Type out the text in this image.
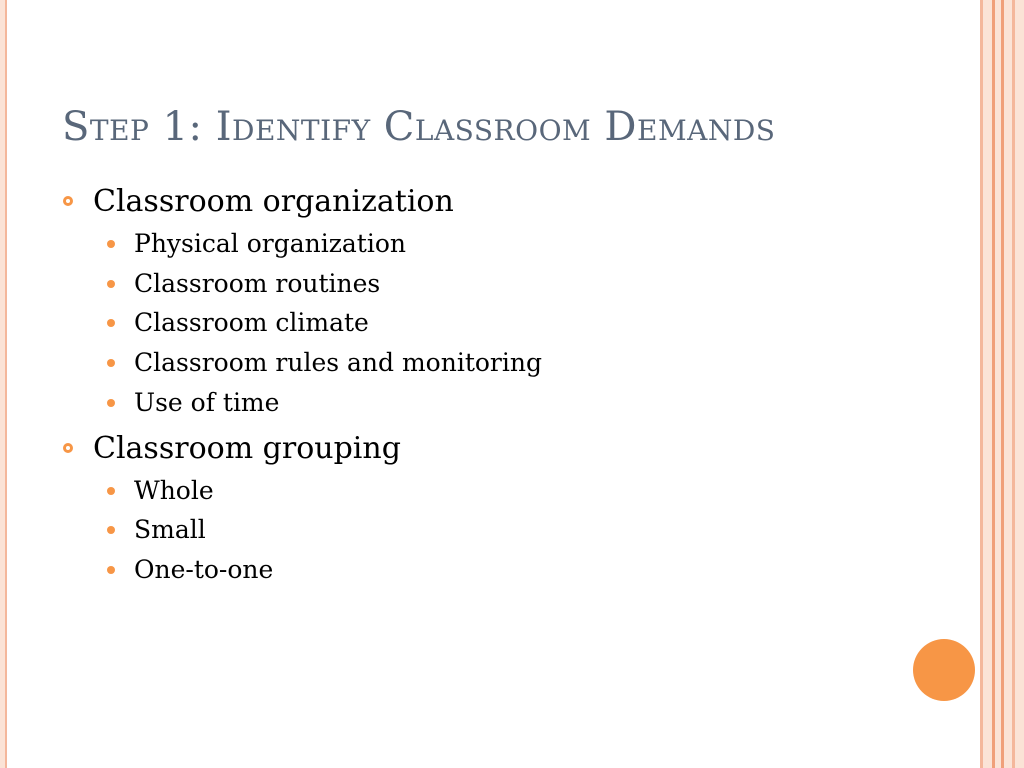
Step 1: Identify Classroom Demands
Classroom organization
Physical organization
Classroom routines
Classroom climate
Classroom rules and monitoring
Use of time
Classroom grouping
Whole
Small
One-to-one
